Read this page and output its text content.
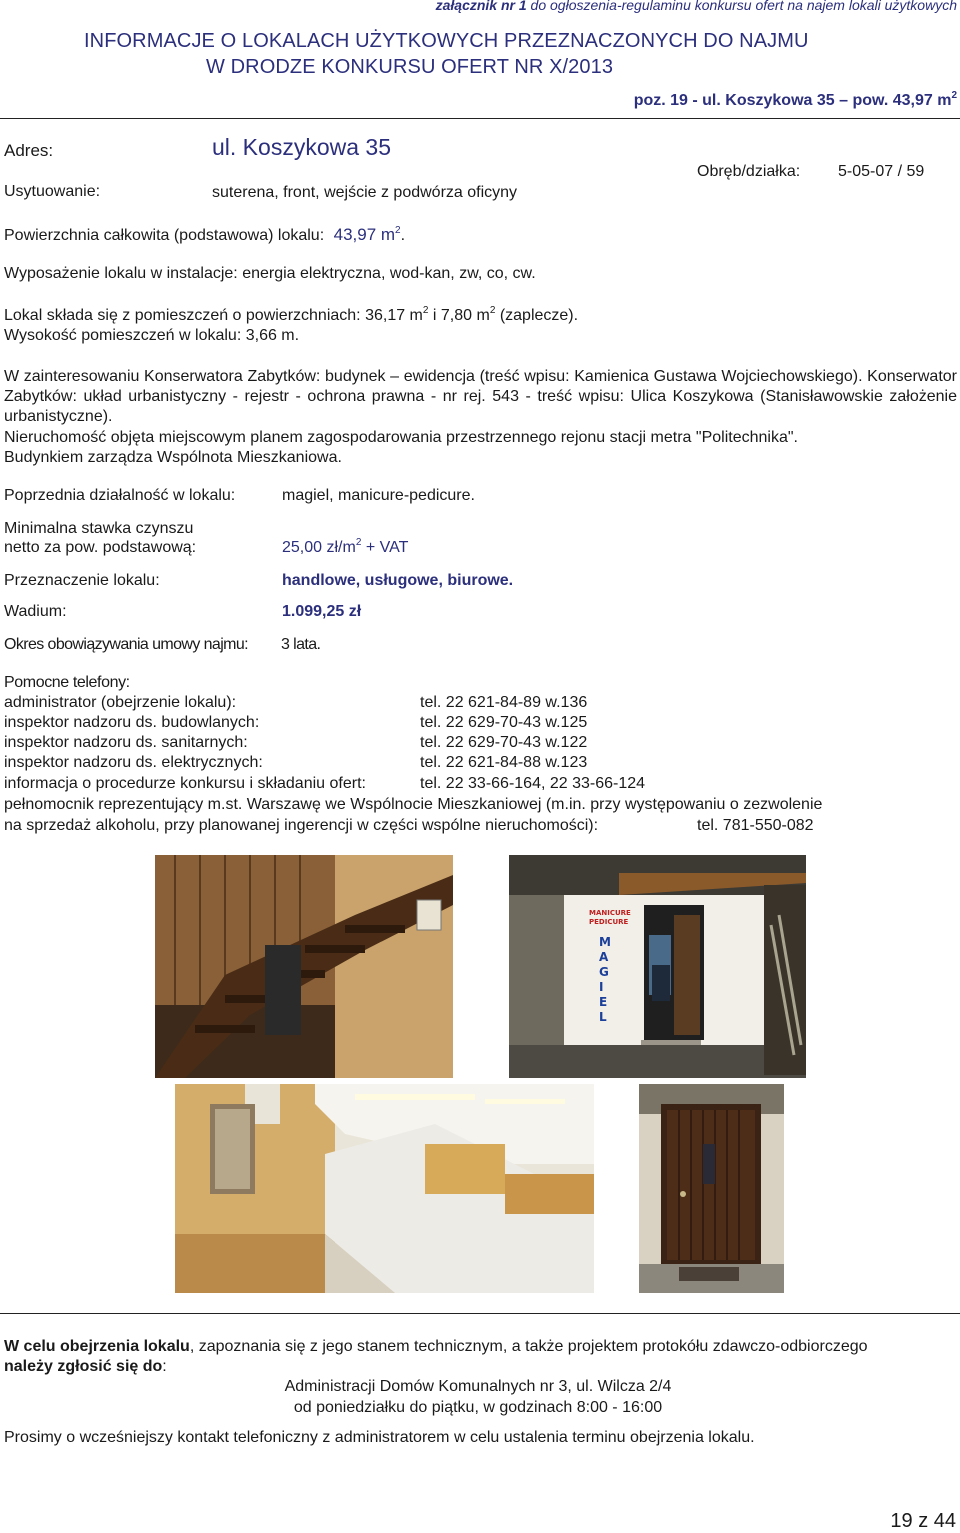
załącznik nr 1 do ogłoszenia-regulaminu konkursu ofert na najem lokali użytkowych
INFORMACJE O LOKALACH UŻYTKOWYCH PRZEZNACZONYCH DO NAJMU
W DRODZE KONKURSU OFERT NR X/2013
poz. 19 - ul. Koszykowa 35 – pow. 43,97 $m^2$
Adres:	ul. Koszykowa 35
Usytuowanie:	suterena, front, wejście z podwórza oficyny
Obręb/działka: 5-05-07 / 59
Powierzchnia całkowita (podstawowa) lokalu: 43,97 $m^2$.
Wyposażenie lokalu w instalacje: energia elektryczna, wod-kan, zw, co, cw.
Lokal składa się z pomieszczeń o powierzchniach: 36,17 $m^2$ i 7,80 $m^2$ (zaplecze).
Wysokość pomieszczeń w lokalu: 3,66 m.
W zainteresowaniu Konserwatora Zabytków: budynek – ewidencja (treść wpisu: Kamienica Gustawa Wojciechowskiego). Konserwator Zabytków: układ urbanistyczny - rejestr - ochrona prawna - nr rej. 543 - treść wpisu: Ulica Koszykowa (Stanisławowskie założenie urbanistyczne).
Nieruchomość objęta miejscowym planem zagospodarowania przestrzennego rejonu stacji metra "Politechnika".
Budynkiem zarządza Wspólnota Mieszkaniowa.
Poprzednia działalność w lokalu:	magiel, manicure-pedicure.
Minimalna stawka czynszu
netto za pow. podstawową:	25,00 $zł/m^2$ + VAT
Przeznaczenie lokalu:	handlowe, usługowe, biurowe.
Wadium:	1.099,25 zł
Okres obowiązywania umowy najmu: 3 lata.
Pomocne telefony:
administrator (obejrzenie lokalu):	tel. 22 621-84-89 w.136
inspektor nadzoru ds. budowlanych:	tel. 22 629-70-43 w.125
inspektor nadzoru ds. sanitarnych:	tel. 22 629-70-43 w.122
inspektor nadzoru ds. elektrycznych:	tel. 22 621-84-88 w.123
informacja o procedurze konkursu i składaniu ofert:	tel. 22 33-66-164, 22 33-66-124
pełnomocnik reprezentujący m.st. Warszawę we Wspólnocie Mieszkaniowej (m.in. przy występowaniu o zezwolenie
na sprzedaż alkoholu, przy planowanej ingerencji w części wspólne nieruchomości):	tel. 781-550-082
MANICURE
PEDICURE
M
A
G
I
E
L
W celu obejrzenia lokalu, zapoznania się z jego stanem technicznym, a także projektem protokółu zdawczo-odbiorczego
należy zgłosić się do:
Administracji Domów Komunalnych nr 3, ul. Wilcza 2/4
od poniedziałku do piątku, w godzinach 8:00 - 16:00
Prosimy o wcześniejszy kontakt telefoniczny z administratorem w celu ustalenia terminu obejrzenia lokalu.
19 z 44
